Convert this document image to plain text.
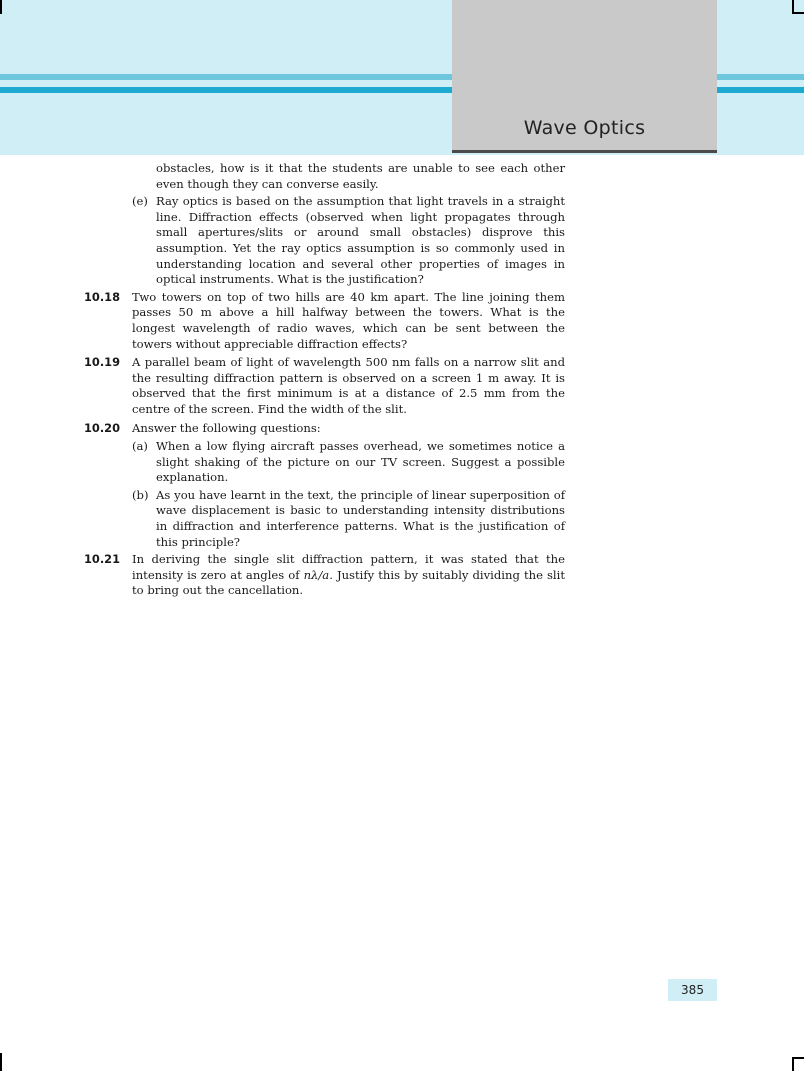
Wave Optics
obstacles, how is it that the students are unable to see each other even though they can converse easily.
(e) Ray optics is based on the assumption that light travels in a straight line. Diffraction effects (observed when light propagates through small apertures/slits or around small obstacles) disprove this assumption. Yet the ray optics assumption is so commonly used in understanding location and several other properties of images in optical instruments. What is the justification?
10.18 Two towers on top of two hills are 40 km apart. The line joining them passes 50 m above a hill halfway between the towers. What is the longest wavelength of radio waves, which can be sent between the towers without appreciable diffraction effects?
10.19 A parallel beam of light of wavelength 500 nm falls on a narrow slit and the resulting diffraction pattern is observed on a screen 1 m away. It is observed that the first minimum is at a distance of 2.5 mm from the centre of the screen. Find the width of the slit.
10.20 Answer the following questions:
(a) When a low flying aircraft passes overhead, we sometimes notice a slight shaking of the picture on our TV screen. Suggest a possible explanation.
(b) As you have learnt in the text, the principle of linear superposition of wave displacement is basic to understanding intensity distributions in diffraction and interference patterns. What is the justification of this principle?
10.21 In deriving the single slit diffraction pattern, it was stated that the intensity is zero at angles of nλ/a. Justify this by suitably dividing the slit to bring out the cancellation.
385
